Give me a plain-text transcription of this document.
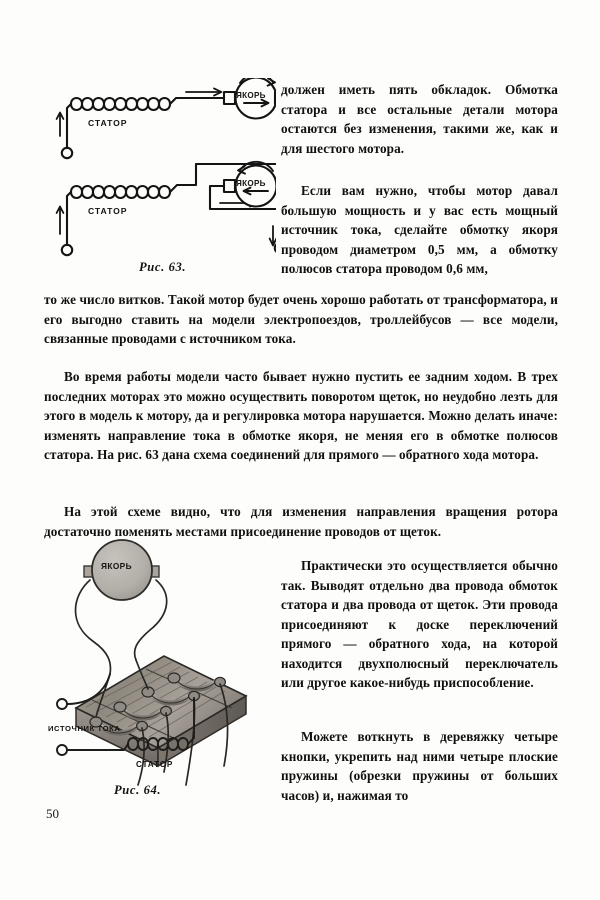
СТАТОР
ЯКОРЬ
СТАТОР
ЯКОРЬ
Рис. 63.
ЯКОРЬ
ИСТОЧНИК ТОКА
СТАТОР
Рис. 64.
должен иметь пять обкладок. Обмотка статора и все остальные детали мотора остаются без изменения, такими же, как и для шестого мотора.
Если вам нужно, чтобы мотор давал большую мощность и у вас есть мощный источник тока, сделайте обмотку якоря проводом диаметром 0,5 мм, а обмотку полюсов статора проводом 0,6 мм,
то же число витков. Такой мотор будет очень хорошо работать от трансформатора, и его выгодно ставить на модели электропоездов, троллейбусов — все модели, связанные проводами с источником тока.
Во время работы модели часто бывает нужно пустить ее задним ходом. В трех последних моторах это можно осуществить поворотом щеток, но неудобно лезть для этого в модель к мотору, да и регулировка мотора нарушается. Можно делать иначе: изменять направление тока в обмотке якоря, не меняя его в обмотке полюсов статора. На рис. 63 дана схема соединений для прямого — обратного хода мотора.
На этой схеме видно, что для изменения направления вращения ротора достаточно поменять местами присоединение проводов от щеток.
Практически это осуществляется обычно так. Выводят отдельно два провода обмоток статора и два провода от щеток. Эти провода присоединяют к доске переключений прямого — обратного хода, на которой находится двухполюсный переключатель или другое какое-нибудь приспособление.
Можете воткнуть в деревяжку четыре кнопки, укрепить над ними четыре плоские пружины (обрезки пружины от больших часов) и, нажимая то
50
